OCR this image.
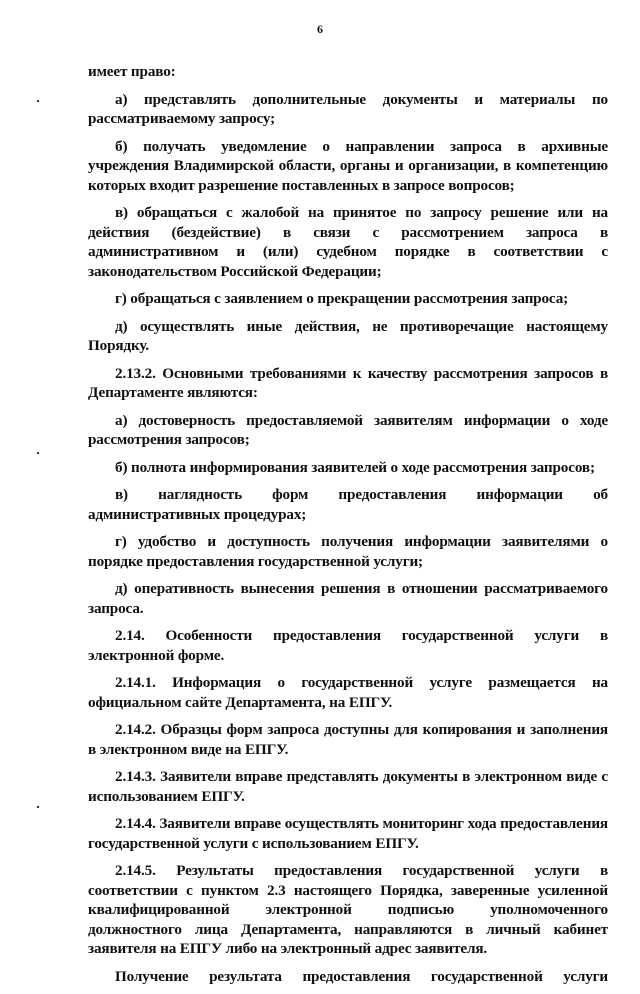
6

имеет право:

а) представлять дополнительные документы и материалы по рассматриваемому запросу;

б) получать уведомление о направлении запроса в архивные учреждения Владимирской области, органы и организации, в компетенцию которых входит разрешение поставленных в запросе вопросов;

в) обращаться с жалобой на принятое по запросу решение или на действия (бездействие) в связи с рассмотрением запроса в административном и (или) судебном порядке в соответствии с законодательством Российской Федерации;

г) обращаться с заявлением о прекращении рассмотрения запроса;

д) осуществлять иные действия, не противоречащие настоящему Порядку.

2.13.2. Основными требованиями к качеству рассмотрения запросов в Департаменте являются:

а) достоверность предоставляемой заявителям информации о ходе рассмотрения запросов;

б) полнота информирования заявителей о ходе рассмотрения запросов;

в) наглядность форм предоставления информации об административных процедурах;

г) удобство и доступность получения информации заявителями о порядке предоставления государственной услуги;

д) оперативность вынесения решения в отношении рассматриваемого запроса.

2.14. Особенности предоставления государственной услуги в электронной форме.

2.14.1. Информация о государственной услуге размещается на официальном сайте Департамента, на ЕПГУ.

2.14.2. Образцы форм запроса доступны для копирования и заполнения в электронном виде на ЕПГУ.

2.14.3. Заявители вправе представлять документы в электронном виде с использованием ЕПГУ.

2.14.4. Заявители вправе осуществлять мониторинг хода предоставления государственной услуги с использованием ЕПГУ.

2.14.5. Результаты предоставления государственной услуги в соответствии с пунктом 2.3 настоящего Порядка, заверенные усиленной квалифицированной электронной подписью уполномоченного должностного лица Департамента, направляются в личный кабинет заявителя на ЕПГУ либо на электронный адрес заявителя.

Получение результата предоставления государственной услуги
